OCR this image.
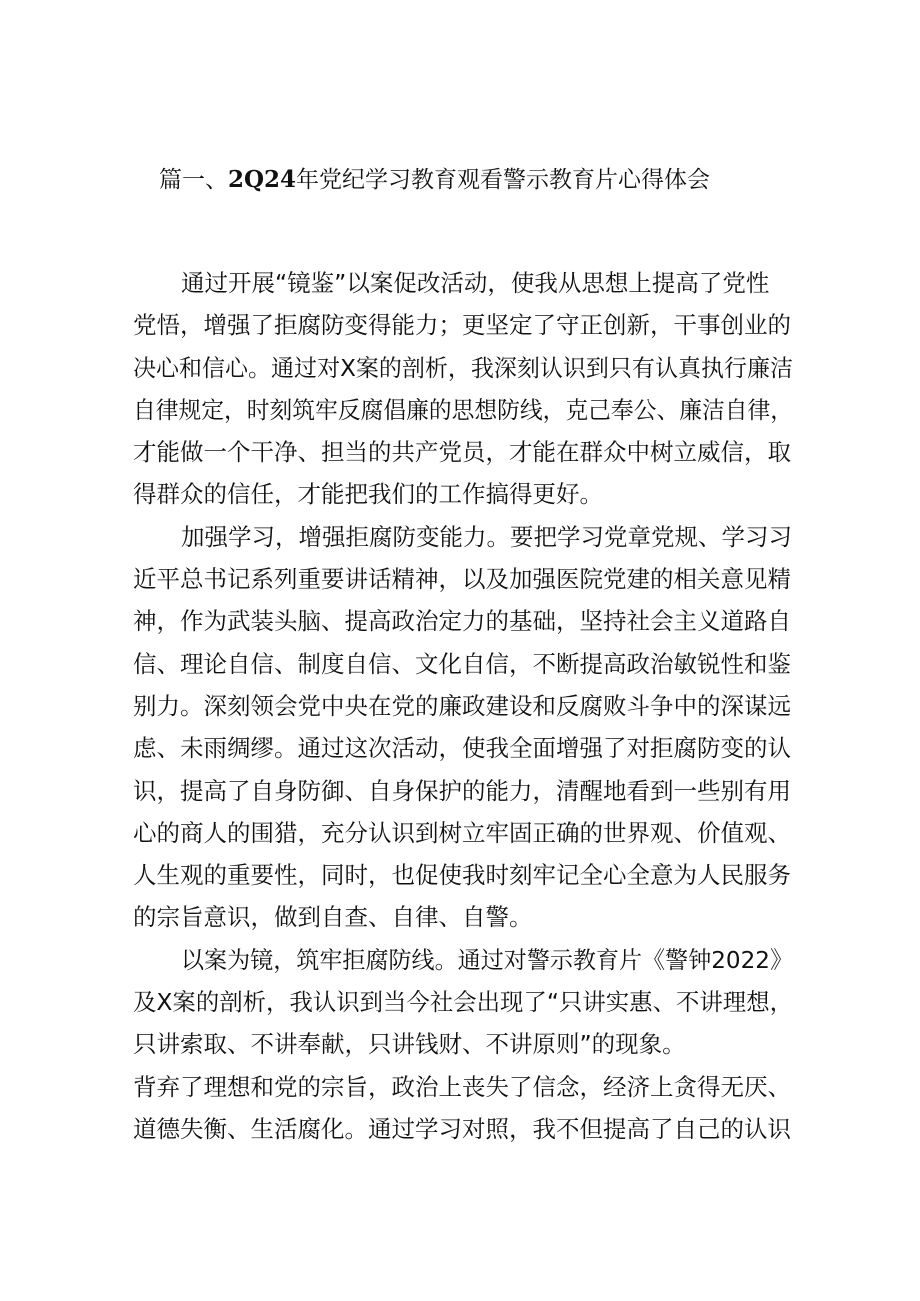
篇一、2Q24年党纪学习教育观看警示教育片心得体会
通过开展“镜鉴”以案促改活动，使我从思想上提高了党性
党悟，增强了拒腐防变得能力；更坚定了守正创新，干事创业的
决心和信心。通过对X案的剖析，我深刻认识到只有认真执行廉洁
自律规定，时刻筑牢反腐倡廉的思想防线，克己奉公、廉洁自律，
才能做一个干净、担当的共产党员，才能在群众中树立威信，取
得群众的信任，才能把我们的工作搞得更好。
加强学习，增强拒腐防变能力。要把学习党章党规、学习习
近平总书记系列重要讲话精神，以及加强医院党建的相关意见精
神，作为武装头脑、提高政治定力的基础，坚持社会主义道路自
信、理论自信、制度自信、文化自信，不断提高政治敏锐性和鉴
别力。深刻领会党中央在党的廉政建设和反腐败斗争中的深谋远
虑、未雨绸缪。通过这次活动，使我全面增强了对拒腐防变的认
识，提高了自身防御、自身保护的能力，清醒地看到一些别有用
心的商人的围猎，充分认识到树立牢固正确的世界观、价值观、
人生观的重要性，同时，也促使我时刻牢记全心全意为人民服务
的宗旨意识，做到自查、自律、自警。
以案为镜，筑牢拒腐防线。通过对警示教育片《警钟2022》
及X案的剖析，我认识到当今社会出现了“只讲实惠、不讲理想，
只讲索取、不讲奉献，只讲钱财、不讲原则”的现象。
背弃了理想和党的宗旨，政治上丧失了信念，经济上贪得无厌、
道德失衡、生活腐化。通过学习对照，我不但提高了自己的认识
